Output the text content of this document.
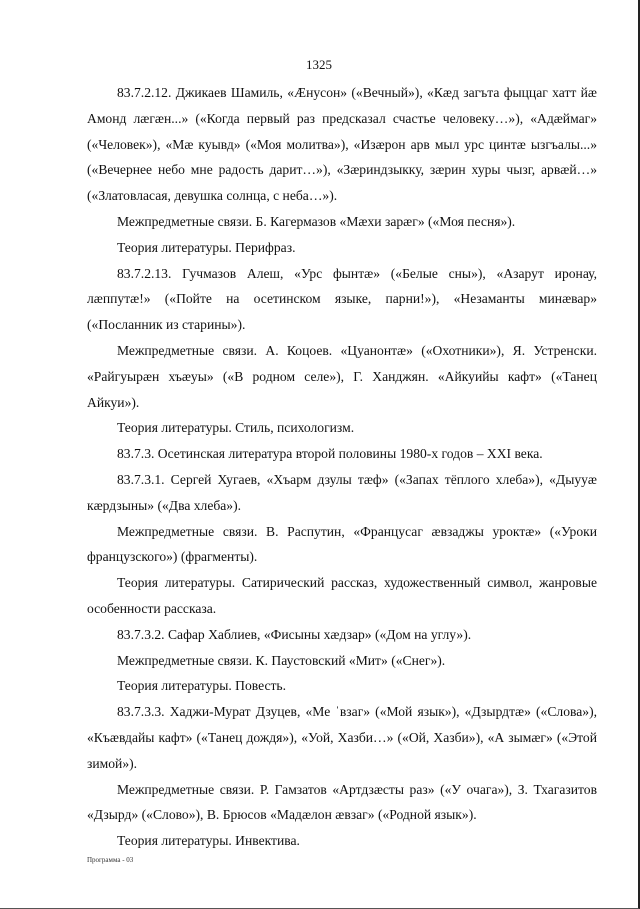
1325

83.7.2.12. Джикаев Шамиль, «Ӕнусон» («Вечный»), «Кæд загъта фыццаг хатт йæ Амонд лæгæн...» («Когда первый раз предсказал счастье человеку…»), «Адæймаг» («Человек»), «Мæ куывд» («Моя молитва»), «Изæрон арв мыл урс цинтæ ызгъалы...» («Вечернее небо мне радость дарит…»), «Зæриндзыкку, зæрин хуры чызг, арвæй…» («Златовласая, девушка солнца, с неба…»).

Межпредметные связи. Б. Кагермазов «Мæхи зарæг» («Моя песня»).

Теория литературы. Перифраз.

83.7.2.13. Гучмазов Алеш, «Урс фынтæ» («Белые сны»), «Азарут иронау, лæппутæ!» («Пойте на осетинском языке, парни!»), «Незаманты минæвар» («Посланник из старины»).

Межпредметные связи. А. Коцоев. «Цуанонтæ» («Охотники»), Я. Устренски. «Райгуырæн хъæуы» («В родном селе»), Г. Ханджян. «Айкуийы кафт» («Танец Айкуи»).

Теория литературы. Стиль, психологизм.

83.7.3. Осетинская литература второй половины 1980-х годов – XXI века.

83.7.3.1. Сергей Хугаев, «Хъарм дзулы тæф» («Запах тёплого хлеба»), «Дыууæ кæрдзыны» («Два хлеба»).

Межпредметные связи. В. Распутин, «Францусаг æвзаджы уроктæ» («Уроки французского») (фрагменты).

Теория литературы. Сатирический рассказ, художественный символ, жанровые особенности рассказа.

83.7.3.2. Сафар Хаблиев, «Фисыны хæдзар» («Дом на углу»).

Межпредметные связи. К. Паустовский «Мит» («Снег»).

Теория литературы. Повесть.

83.7.3.3. Хаджи-Мурат Дзуцев, «Ме ˈвзаг» («Мой язык»), «Дзырдтæ» («Слова»), «Къæвдайы кафт» («Танец дождя»), «Уой, Хазби…» («Ой, Хазби»), «А зымæг» («Этой зимой»).

Межпредметные связи. Р. Гамзатов «Артдзæсты раз» («У очага»), З. Тхагазитов «Дзырд» («Слово»), В. Брюсов «Мадæлон æвзаг» («Родной язык»).

Теория литературы. Инвектива.

Программа - 03
